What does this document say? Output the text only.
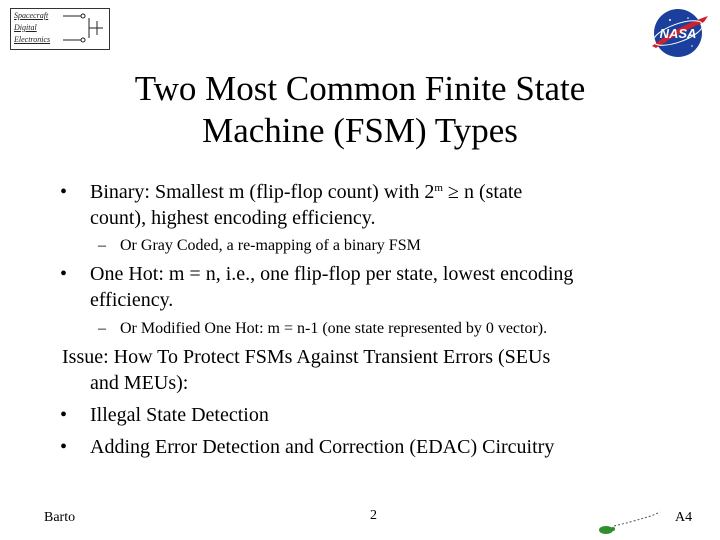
Spacecraft
Digital
Electronics	NASA
Two Most Common Finite State
Machine (FSM) Types
• Binary: Smallest m (flip-flop count) with $2^m \ge n$ (state
count), highest encoding efficiency.
– Or Gray Coded, a re-mapping of a binary FSM
• One Hot: m = n, i.e., one flip-flop per state, lowest encoding
efficiency.
– Or Modified One Hot: m = n-1 (one state represented by 0 vector).
Issue: How To Protect FSMs Against Transient Errors (SEUs
and MEUs):
• Illegal State Detection
• Adding Error Detection and Correction (EDAC) Circuitry
Barto	2	A4
